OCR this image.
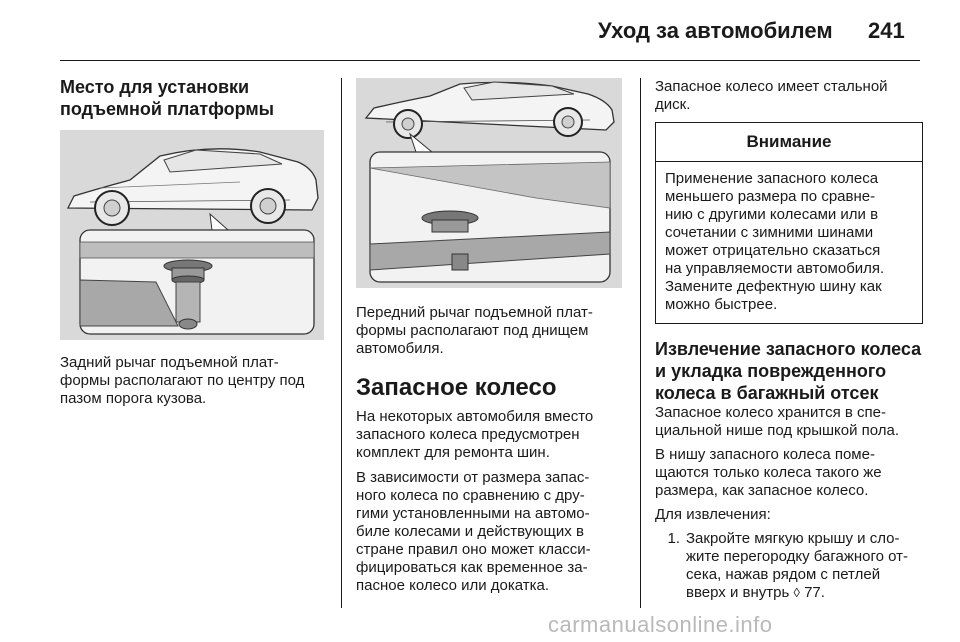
Уход за автомобилем 241
Место для установки
подъемной платформы
Задний рычаг подъемной плат-
формы располагают по центру под
пазом порога кузова.
Передний рычаг подъемной плат-
формы располагают под днищем
автомобиля.
Запасное колесо
На некоторых автомобиля вместо
запасного колеса предусмотрен
комплект для ремонта шин.
В зависимости от размера запас-
ного колеса по сравнению с дру-
гими установленными на автомо-
биле колесами и действующих в
стране правил оно может класси-
фицироваться как временное за-
пасное колесо или докатка.
Запасное колесо имеет стальной
диск.
Внимание
Применение запасного колеса
меньшего размера по сравне-
нию с другими колесами или в
сочетании с зимними шинами
может отрицательно сказаться
на управляемости автомобиля.
Замените дефектную шину как
можно быстрее.
Извлечение запасного колеса
и укладка поврежденного
колеса в багажный отсек
Запасное колесо хранится в спе-
циальной нише под крышкой пола.
В нишу запасного колеса поме-
щаются только колеса такого же
размера, как запасное колесо.
Для извлечения:
1. Закройте мягкую крышу и сло-
жите перегородку багажного от-
сека, нажав рядом с петлей
вверх и внутрь ◊ 77.
carmanualsonline.info
